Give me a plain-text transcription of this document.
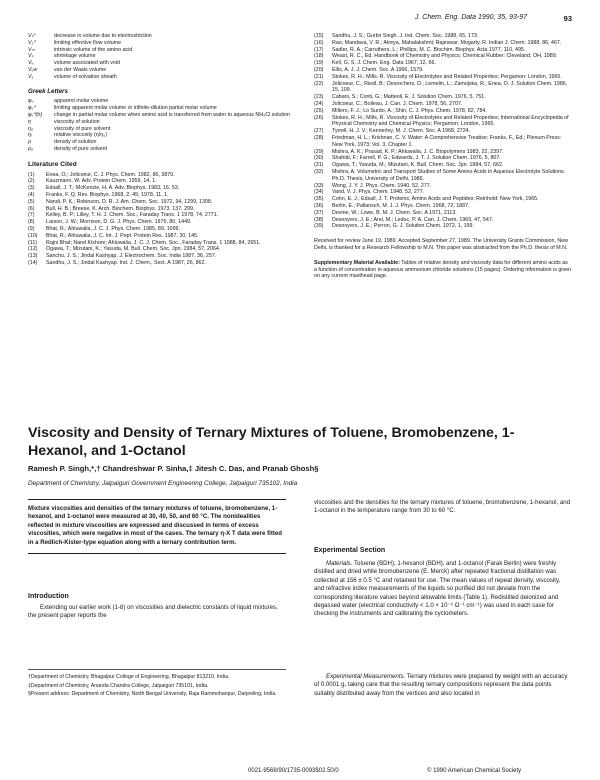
J. Chem. Eng. Data 1990, 35, 93-97	93
Vₛᵉ	decrease in volume due to electrostriction
V₁⁰	limiting effective flow volume
Vₘ	intrinsic volume of the amino acid
Vₛ	shrinkage volume
Vᵥ	volume associated with void
Vᵥw	van der Waals volume
V₁	volume of solvation sheath
Greek Letters
φᵥ	apparent molar volume
φᵥ⁰	limiting apparent molar volume or infinite-dilution partial molar volume
φᵥ⁰(tr)	change in partial molar volume when amino acid is transferred from water to aqueous NH₄Cl solution
η	viscosity of solution
η₀	viscosity of pure solvent
ηᵣ	relative viscosity (η/η₀)
ρ	density of solution
ρ₀	density of pure solvent
Literature Cited
(1)	Enea, O.; Jolicoeur, C. J. Phys. Chem. 1982, 86, 3870.
(2)	Kauzmann, W. Adv. Protein Chem. 1959, 14, 1.
(3)	Edsall, J. T.; McKenzie, H. A. Adv. Biophys. 1983, 16, 53.
(4)	Franks, F. Q. Rev. Biophys. 1968, 2, 45; 1978, 11, 1.
(5)	Nandi, P. K.; Robinson, D. R. J. Am. Chem. Soc. 1972, 94, 1299, 1308.
(6)	Bull, H. B.; Breese, K. Arch. Biochem. Biophys. 1973, 137, 299.
(7)	Kelley, B. P.; Lilley, T. H. J. Chem. Soc., Faraday Trans. 1 1978, 74, 2771.
(8)	Larson, J. W.; Morrison, D. G. J. Phys. Chem. 1976, 80, 1449.
(9)	Bhat, R.; Ahluwalia, J. C. J. Phys. Chem. 1985, 89, 1099.
(10)	Bhat, R.; Ahluwalia, J. C. Int. J. Pept. Protein Res. 1987, 30, 145.
(11)	Rajni Bhat; Nand Kishore; Ahluwalia, J. C. J. Chem. Soc., Faraday Trans. 1 1988, 84, 2651.
(12)	Ogawa, T.; Mizutani, K.; Yasuda, M. Bull. Chem. Soc. Jpn. 1984, 57, 2064.
(13)	Sanchu, J. S.; Jindal Kashyap. J. Electrochem. Soc. India 1987, 36, 257.
(14)	Sandhu, J. S.; Jindal Kashyap. Ind. J. Chem., Sect. A 1987, 26, 862.
(15)	Sandhu, J. S.; Gurbir Singh. J. Ind. Chem. Soc. 1988, 65, 173.
(16)	Rao, Mandava, V. R.; Atreya, Mahalakshmi; Rajeswar, Mogarty, R. Indian J. Chem. 1988, 86, 467.
(17)	Sadler, R. A.; Carruthers, L.; Phillips, M. C. Biochim. Biophys. Acta 1977, 110, 495.
(18)	Weast, R. C., Ed. Handbook of Chemistry and Physics; Chemical Rubber: Cleveland, OH, 1989.
(19)	Kell, G. S. J. Chem. Eng. Data 1967, 12, 66.
(20)	Ellis, A. J. J. Chem. Soc. A 1966, 1579.
(21)	Stokes, R. H.; Mills, R. Viscosity of Electrolytes and Related Properties; Pergamon: London, 1965.
(22)	Jolicoeur, C.; Riedl, B.; Desrochers, D.; Lemelin, L.; Zamojska, R.; Enea, O. J. Solution Chem. 1986, 15, 109.
(23)	Cabani, S.; Conti, G.; Matteoli, E. J. Solution Chem. 1976, 5, 751.
(24)	Jolicoeur, C.; Boileau, J. Can. J. Chem. 1978, 56, 2707.
(25)	Millero, F. J.; Lo Surdo, A.; Shin, C. J. Phys. Chem. 1978, 82, 784.
(26)	Stokes, R. H.; Mills, R. Viscosity of Electrolytes and Related Properties; International Encyclopedia of Physical Chemistry and Chemical Physics; Pergamon: London, 1965.
(27)	Tyrrell, H. J. V.; Kennerley, M. J. Chem. Soc. A 1968, 2724.
(28)	Friedman, H. L.; Krishnan, C. V. Water: A Comprehensive Treatise; Franks, F., Ed.; Plenum Press: New York, 1973; Vol. 3, Chapter 1.
(29)	Mishra, A. K.; Prasad, K. P.; Ahluwalia, J. C. Biopolymers 1983, 22, 2397.
(30)	Shahidi, F.; Farrell, P. G.; Edwards, J. T. J. Solution Chem. 1976, 5, 807.
(31)	Ogawa, T.; Yasuda, M.; Mizutani, K. Bull. Chem. Soc. Jpn. 1984, 57, 662.
(32)	Mishra, A. Volumetric and Transport Studies of Some Amino Acids in Aqueous Electrolyte Solutions. Ph.D. Thesis, University of Delhi, 1986.
(33)	Wong, J. Y. J. Phys. Chem. 1940, 52, 277.
(34)	Vand, V. J. Phys. Chem. 1948, 52, 277.
(35)	Cohn, E. J.; Edsall, J. T. Proteins, Amino Acids and Peptides; Reinhold: New York, 1965.
(36)	Berlin, E.; Pallansch, M. J. J. Phys. Chem. 1968, 72, 1887.
(37)	Devine, W.; Lowe, B. M. J. Chem. Soc. A 1971, 2113.
(38)	Desnoyers, J. E.; Arel, M.; Leduc, P. A. Can. J. Chem. 1969, 47, 547.
(39)	Desnoyers, J. E.; Perron, G. J. Solution Chem. 1972, 1, 199.
Received for review June 19, 1989. Accepted September 27, 1989. The University Grants Commission, New Delhi, is thanked for a Research Fellowship to M.N. This paper was abstracted from the Ph.D. thesis of M.N.
Supplementary Material Available: Tables of relative density and viscosity data for different amino acids as a function of concentration in aqueous ammonium chloride solutions (15 pages). Ordering information is given on any current masthead page.
Viscosity and Density of Ternary Mixtures of Toluene, Bromobenzene, 1-Hexanol, and 1-Octanol
Ramesh P. Singh,*,† Chandreshwar P. Sinha,‡ Jitesh C. Das, and Pranab Ghosh§
Department of Chemistry, Jalpaiguri Government Engineering College, Jalpaiguri 735102, India
Mixture viscosities and densities of the ternary mixtures of toluene, bromobenzene, 1-hexanol, and 1-octanol were measured at 30, 40, 50, and 60 °C. The nonidealities reflected in mixture viscosities are expressed and discussed in terms of excess viscosities, which were negative in most of the cases. The ternary η-X T data were fitted in a Redlich-Kister-type equation along with a ternary contribution term.
Introduction
Extending our earlier work (1-8) on viscosities and dielectric constants of liquid mixtures, the present paper reports the

†Department of Chemistry, Bhagalpur College of Engineering, Bhagalpur 813210, India.

‡Department of Chemistry, Ananda Chandra College, Jalpaiguri 735101, India.

§Present address: Department of Chemistry, North Bengal University, Raja Rammohanpur, Darjeeling, India.

viscosities and the densities for the ternary mixtures of toluene, bromobenzene, 1-hexanol, and 1-octanol in the temperature range from 30 to 60 °C.
Experimental Section
Materials. Toluene (BDH), 1-hexanol (BDH), and 1-octanol (Farak Berlin) were freshly distilled and dried while bromobenzene (E. Merck) after repeated fractional distillation was collected at 156 ± 0.5 °C and retained for use. The mean values of repeat density, viscosity, and refractive index measurements of the liquids so purified did not deviate from the corresponding literature values beyond allowable limits (Table 1). Redistilled deionized and degassed water (electrical conductivity < 1.0 × 10⁻⁶ Ω⁻¹ cm⁻¹) was used in each case for checking the instruments and calibrating the cyclometers.
Experimental Measurements. Ternary mixtures were prepared by weight with an accuracy of 0.0001 g, taking care that the resulting ternary compositions represent the data points suitably distributed away from the vertices and also located in
0021-9568/90/1735-0093$02.50/0	© 1990 American Chemical Society
